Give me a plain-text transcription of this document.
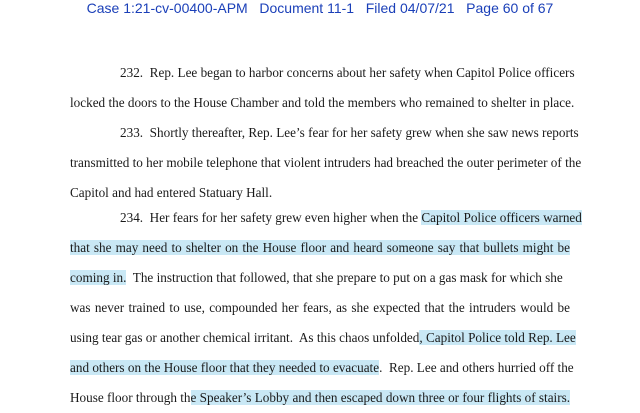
Case 1:21-cv-00400-APM Document 11-1 Filed 04/07/21 Page 60 of 67
232. Rep. Lee began to harbor concerns about her safety when Capitol Police officers
locked the doors to the House Chamber and told the members who remained to shelter in place.
233. Shortly thereafter, Rep. Lee’s fear for her safety grew when she saw news reports
transmitted to her mobile telephone that violent intruders had breached the outer perimeter of the
Capitol and had entered Statuary Hall.
234. Her fears for her safety grew even higher when the Capitol Police officers warned
that she may need to shelter on the House floor and heard someone say that bullets might be
coming in.  The instruction that followed, that she prepare to put on a gas mask for which she
was never trained to use, compounded her fears, as she expected that the intruders would be
using tear gas or another chemical irritant.  As this chaos unfolded, Capitol Police told Rep. Lee
and others on the House floor that they needed to evacuate.  Rep. Lee and others hurried off the
House floor through the Speaker’s Lobby and then escaped down three or four flights of stairs.
